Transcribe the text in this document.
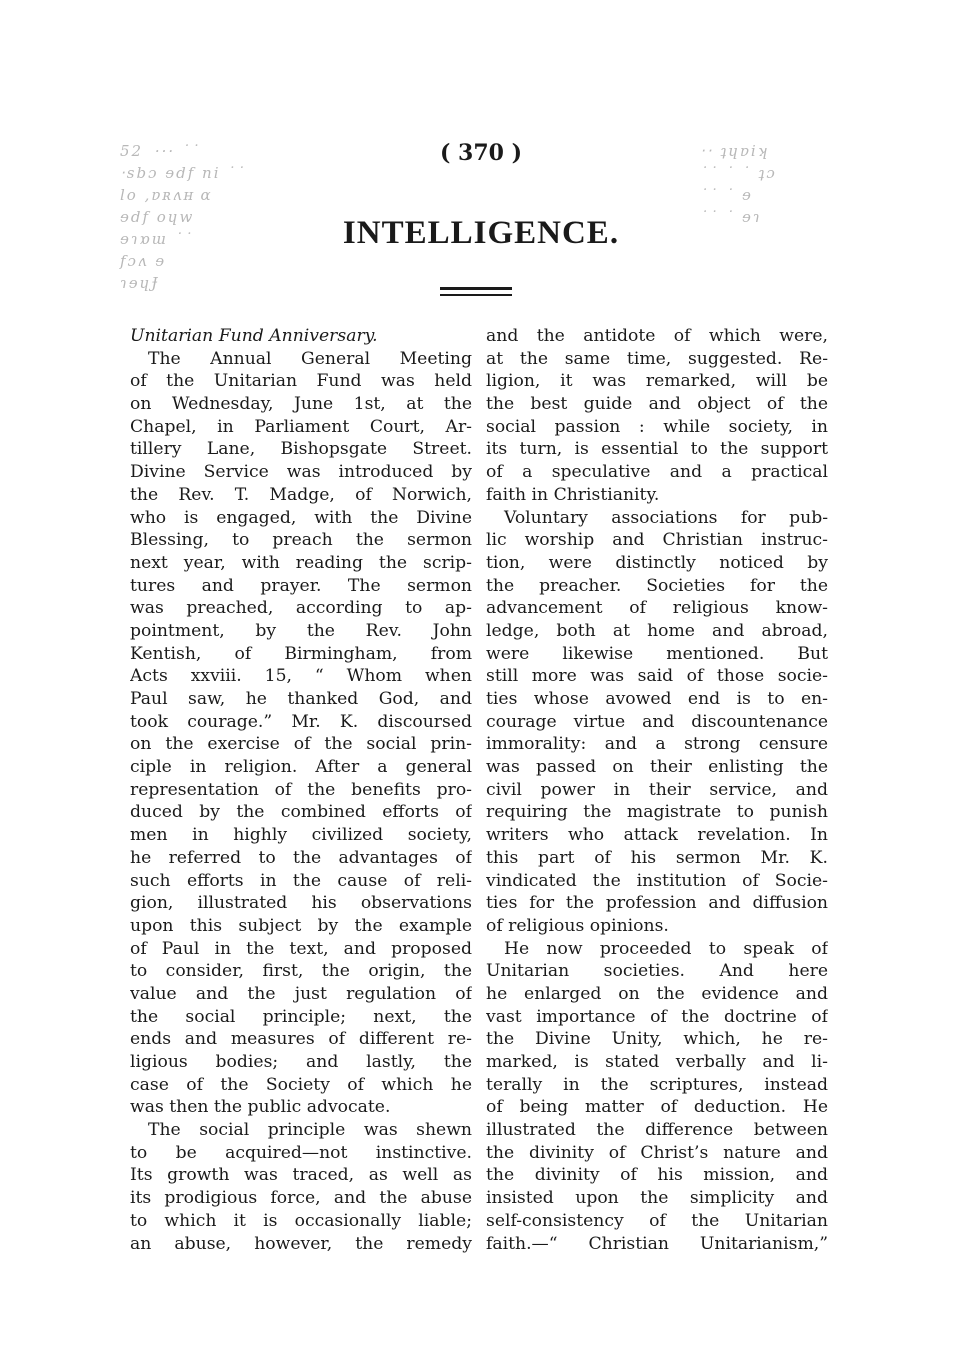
( 370 )
52  ··· ˙˙
‧sbɔ ɘdf ni ˙˙
lo ,ɐʀʌʜ ɑ
ɘdf oɥw
ɘɿɒɯ ˙˙
fɔʌ ɘ
ɿɘɥɈ
‧‧ ʇɥɐiʞ
˙˙ ˙ ˙ ʇɔ
˙˙ ˙ ɘ
˙˙ ˙ ɘɿ
INTELLIGENCE.
Unitarian Fund Anniversary.
The Annual General Meeting
of the Unitarian Fund was held
on Wednesday, June 1st, at the
Chapel, in Parliament Court, Ar-
tillery Lane, Bishopsgate Street.
Divine Service was introduced by
the Rev. T. Madge, of Norwich,
who is engaged, with the Divine
Blessing, to preach the sermon
next year, with reading the scrip-
tures and prayer. The sermon
was preached, according to ap-
pointment, by the Rev. John
Kentish, of Birmingham, from
Acts xxviii. 15, “ Whom when
Paul saw, he thanked God, and
took courage.” Mr. K. discoursed
on the exercise of the social prin-
ciple in religion. After a general
representation of the benefits pro-
duced by the combined efforts of
men in highly civilized society,
he referred to the advantages of
such efforts in the cause of reli-
gion, illustrated his observations
upon this subject by the example
of Paul in the text, and proposed
to consider, first, the origin, the
value and the just regulation of
the social principle; next, the
ends and measures of different re-
ligious bodies; and lastly, the
case of the Society of which he
was then the public advocate.
The social principle was shewn
to be acquired—not instinctive.
Its growth was traced, as well as
its prodigious force, and the abuse
to which it is occasionally liable;
an abuse, however, the remedy
and the antidote of which were,
at the same time, suggested. Re-
ligion, it was remarked, will be
the best guide and object of the
social passion : while society, in
its turn, is essential to the support
of a speculative and a practical
faith in Christianity.
Voluntary associations for pub-
lic worship and Christian instruc-
tion, were distinctly noticed by
the preacher. Societies for the
advancement of religious know-
ledge, both at home and abroad,
were likewise mentioned. But
still more was said of those socie-
ties whose avowed end is to en-
courage virtue and discountenance
immorality: and a strong censure
was passed on their enlisting the
civil power in their service, and
requiring the magistrate to punish
writers who attack revelation. In
this part of his sermon Mr. K.
vindicated the institution of Socie-
ties for the profession and diffusion
of religious opinions.
He now proceeded to speak of
Unitarian societies. And here
he enlarged on the evidence and
vast importance of the doctrine of
the Divine Unity, which, he re-
marked, is stated verbally and li-
terally in the scriptures, instead
of being matter of deduction. He
illustrated the difference between
the divinity of Christ’s nature and
the divinity of his mission, and
insisted upon the simplicity and
self-consistency of the Unitarian
faith.—“ Christian Unitarianism,”
